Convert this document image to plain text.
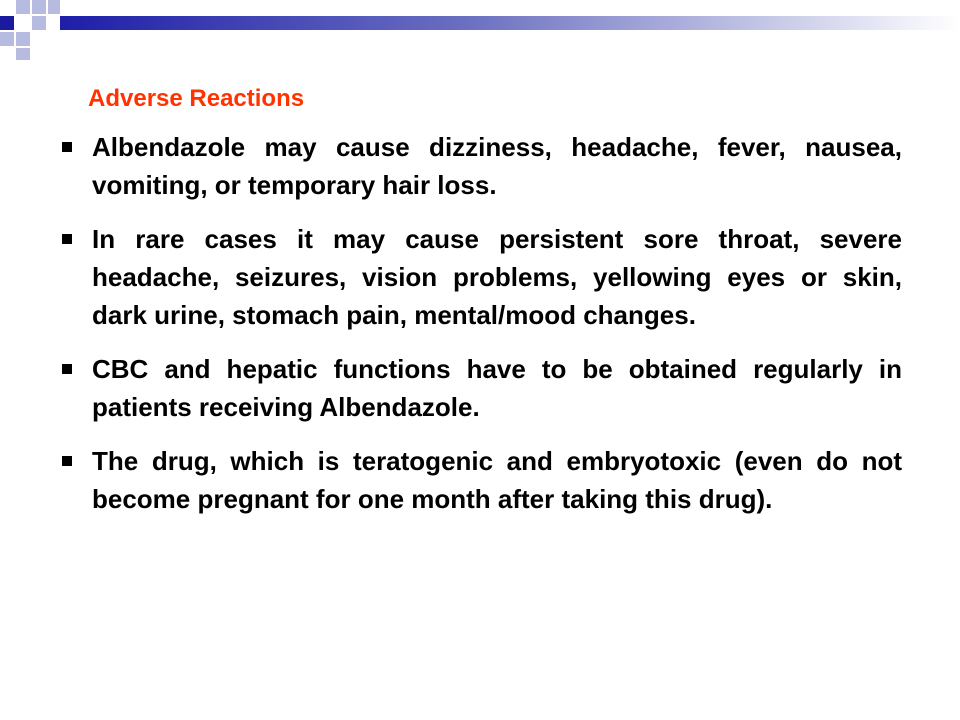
Adverse Reactions
Albendazole may cause dizziness, headache, fever, nausea, vomiting, or temporary hair loss.
In rare cases it may cause persistent sore throat, severe headache, seizures, vision problems, yellowing eyes or skin, dark urine, stomach pain, mental/mood changes.
CBC and hepatic functions have to be obtained regularly in patients receiving Albendazole.
The drug, which is teratogenic and embryotoxic (even do not become pregnant for one month after taking this drug).
